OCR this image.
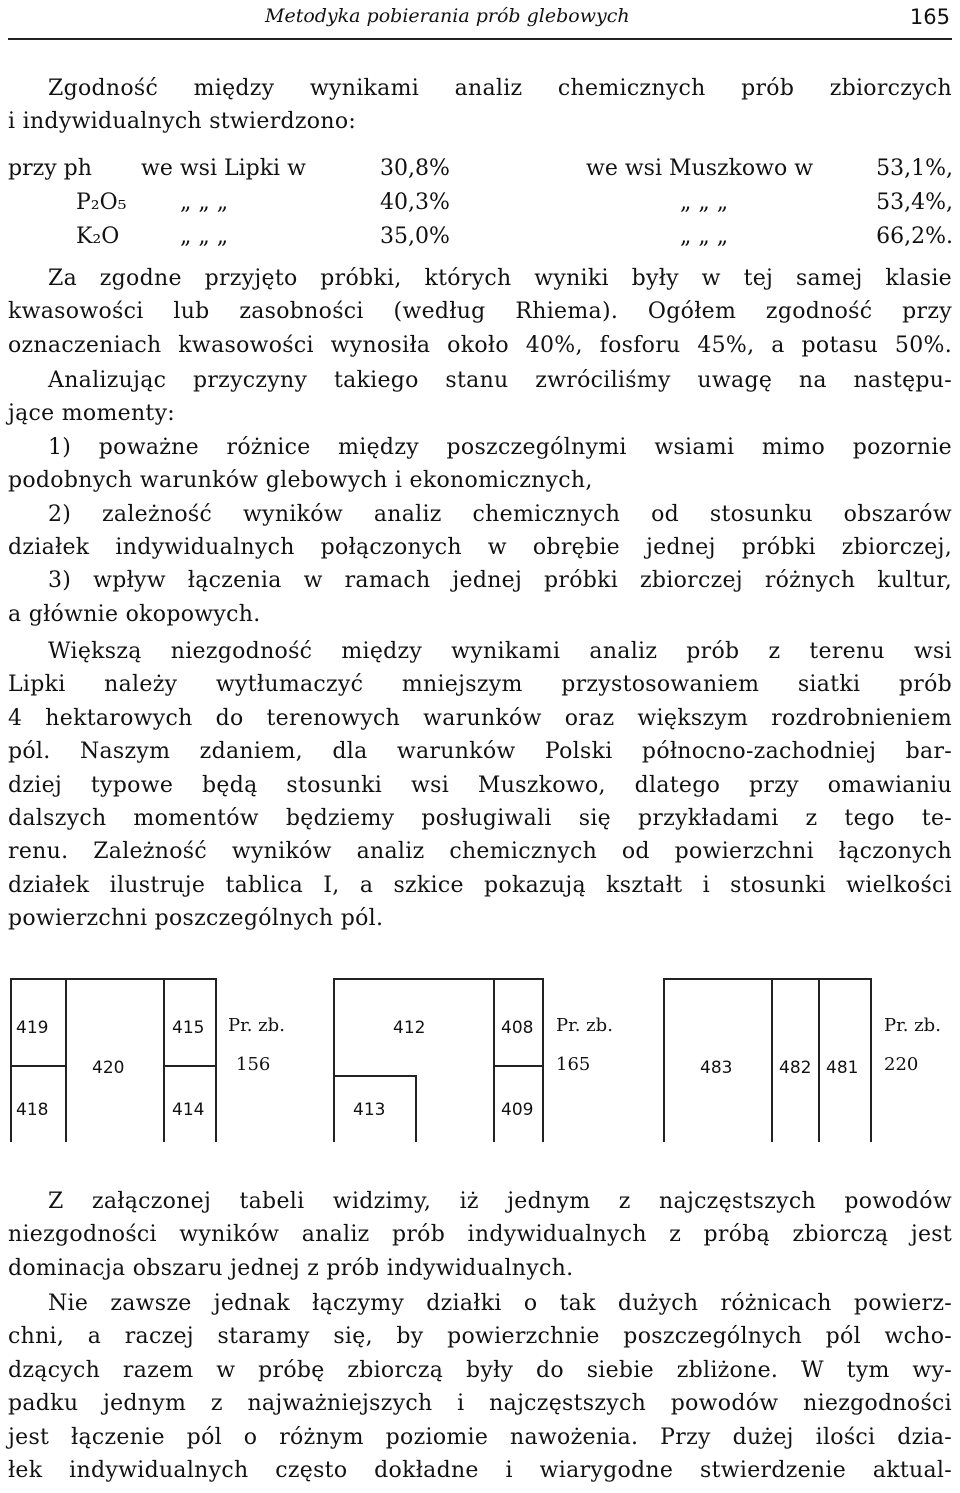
Metodyka pobierania prób glebowych	165
Zgodność między wynikami analiz chemicznych prób zbiorczych
i indywidualnych stwierdzono:
przy ph we wsi Lipki w	30,8%	we wsi Muszkowo w	53,1%,
P₂O₅ „ „ „	40,3%	„ „ „	53,4%,
K₂O	„ „ „	35,0%	„ „ „	66,2%.
Za zgodne przyjęto próbki, których wyniki były w tej samej klasie
kwasowości lub zasobności (według Rhiema). Ogółem zgodność przy
oznaczeniach kwasowości wynosiła około 40%, fosforu 45%, a potasu 50%.
Analizując przyczyny takiego stanu zwróciliśmy uwagę na następu-
jące momenty:
1) poważne różnice między poszczególnymi wsiami mimo pozornie
podobnych warunków glebowych i ekonomicznych,
2) zależność wyników analiz chemicznych od stosunku obszarów
działek indywidualnych połączonych w obrębie jednej próbki zbiorczej,
3) wpływ łączenia w ramach jednej próbki zbiorczej różnych kultur,
a głównie okopowych.
Większą niezgodność między wynikami analiz prób z terenu wsi
Lipki należy wytłumaczyć mniejszym przystosowaniem siatki prób
4 hektarowych do terenowych warunków oraz większym rozdrobnieniem
pól. Naszym zdaniem, dla warunków Polski północno-zachodniej bar-
dziej typowe będą stosunki wsi Muszkowo, dlatego przy omawianiu
dalszych momentów będziemy posługiwali się przykładami z tego te-
renu. Zależność wyników analiz chemicznych od powierzchni łączonych
działek ilustruje tablica I, a szkice pokazują kształt i stosunki wielkości
powierzchni poszczególnych pól.
419
420
415
418	414
Pr. zb.
156
412	408
413	409
Pr. zb.
165	483	482 481
Pr. zb.
220
Z załączonej tabeli widzimy, iż jednym z najczęstszych powodów
niezgodności wyników analiz prób indywidualnych z próbą zbiorczą jest
dominacja obszaru jednej z prób indywidualnych.
Nie zawsze jednak łączymy działki o tak dużych różnicach powierz-
chni, a raczej staramy się, by powierzchnie poszczególnych pól wcho-
dzących razem w próbę zbiorczą były do siebie zbliżone. W tym wy-
padku jednym z najważniejszych i najczęstszych powodów niezgodności
jest łączenie pól o różnym poziomie nawożenia. Przy dużej ilości dzia-
łek indywidualnych często dokładne i wiarygodne stwierdzenie aktual-
